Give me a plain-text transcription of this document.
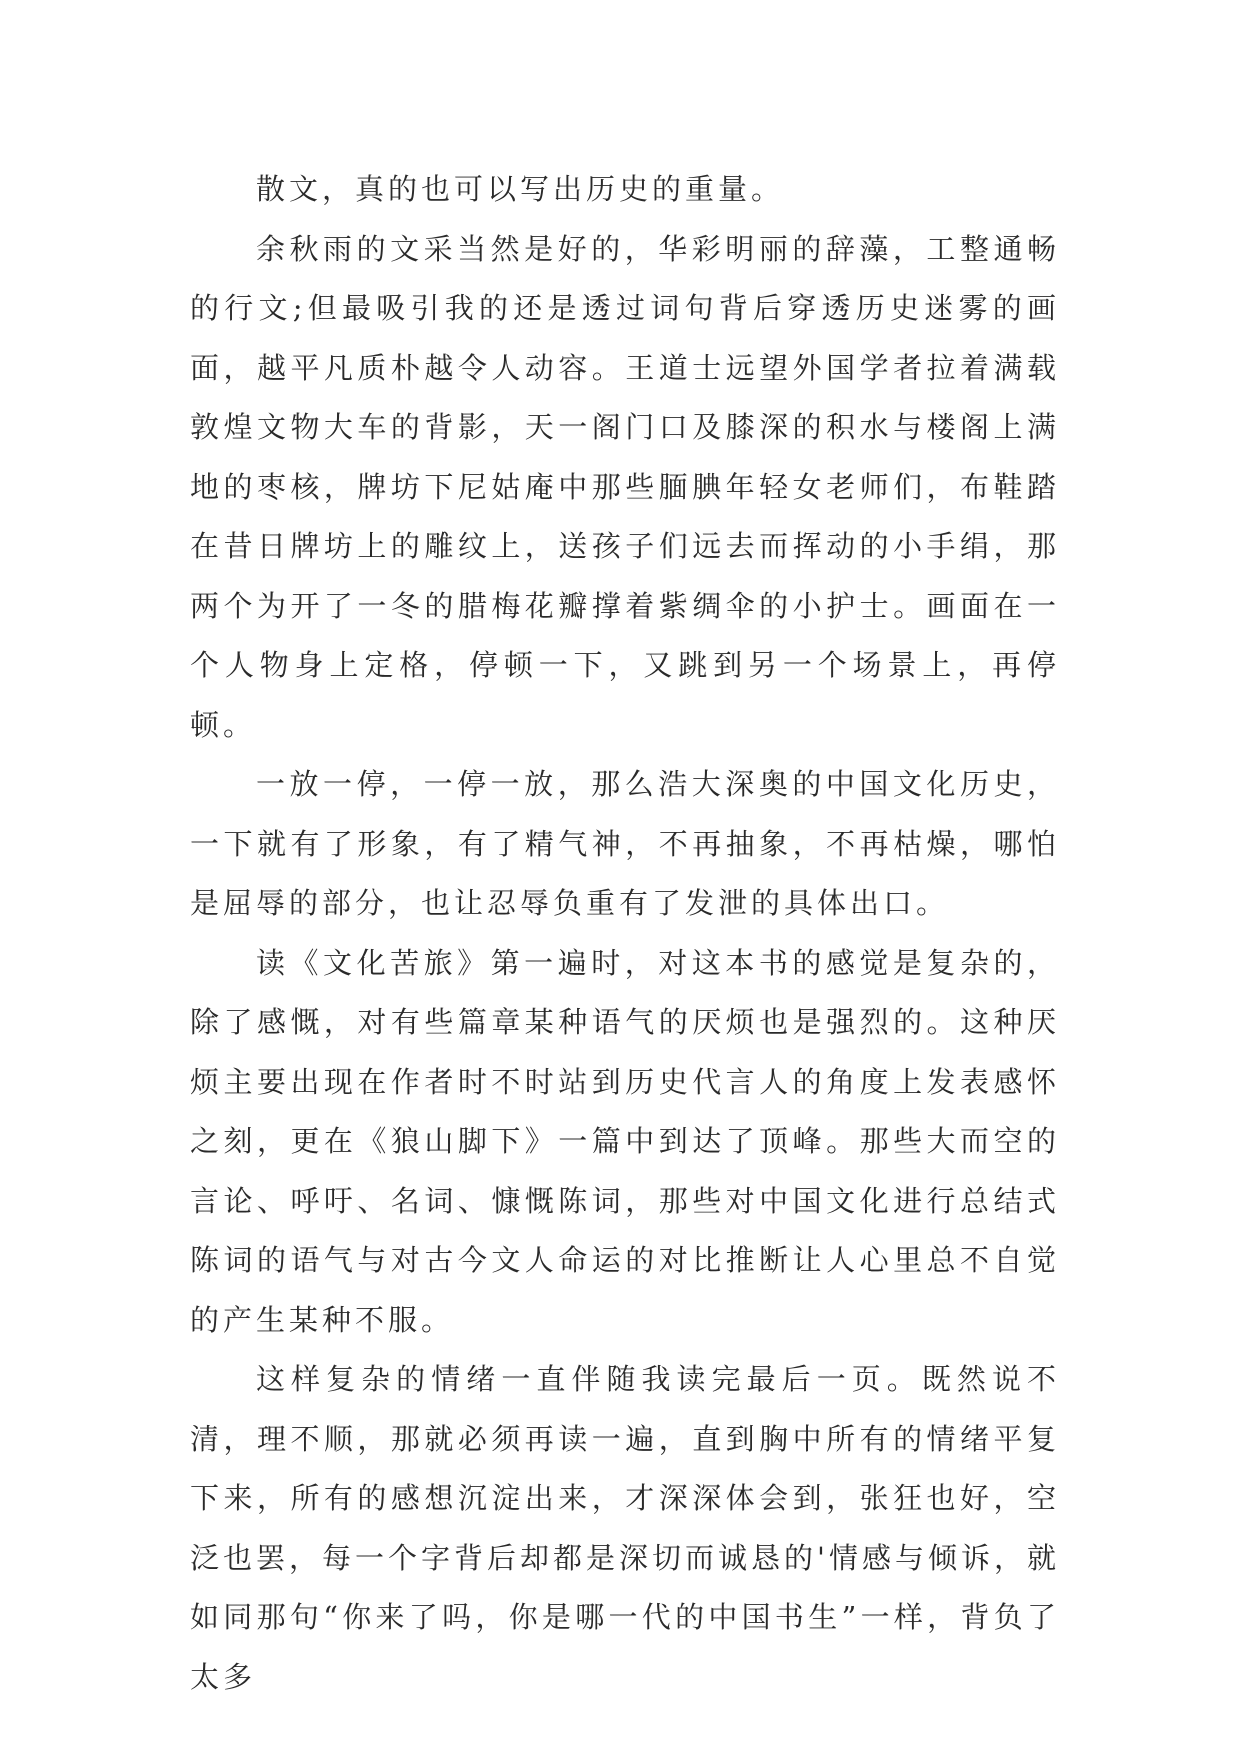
散文，真的也可以写出历史的重量。

余秋雨的文采当然是好的，华彩明丽的辞藻，工整通畅的行文;但最吸引我的还是透过词句背后穿透历史迷雾的画面，越平凡质朴越令人动容。王道士远望外国学者拉着满载敦煌文物大车的背影，天一阁门口及膝深的积水与楼阁上满地的枣核，牌坊下尼姑庵中那些腼腆年轻女老师们，布鞋踏在昔日牌坊上的雕纹上，送孩子们远去而挥动的小手绢，那两个为开了一冬的腊梅花瓣撑着紫绸伞的小护士。画面在一个人物身上定格，停顿一下，又跳到另一个场景上，再停顿。

一放一停，一停一放，那么浩大深奥的中国文化历史，一下就有了形象，有了精气神，不再抽象，不再枯燥，哪怕是屈辱的部分，也让忍辱负重有了发泄的具体出口。

读《文化苦旅》第一遍时，对这本书的感觉是复杂的，除了感慨，对有些篇章某种语气的厌烦也是强烈的。这种厌烦主要出现在作者时不时站到历史代言人的角度上发表感怀之刻，更在《狼山脚下》一篇中到达了顶峰。那些大而空的言论、呼吁、名词、慷慨陈词，那些对中国文化进行总结式陈词的语气与对古今文人命运的对比推断让人心里总不自觉的产生某种不服。

这样复杂的情绪一直伴随我读完最后一页。既然说不清，理不顺，那就必须再读一遍，直到胸中所有的情绪平复下来，所有的感想沉淀出来，才深深体会到，张狂也好，空泛也罢，每一个字背后却都是深切而诚恳的'情感与倾诉，就如同那句“你来了吗，你是哪一代的中国书生”一样，背负了太多
